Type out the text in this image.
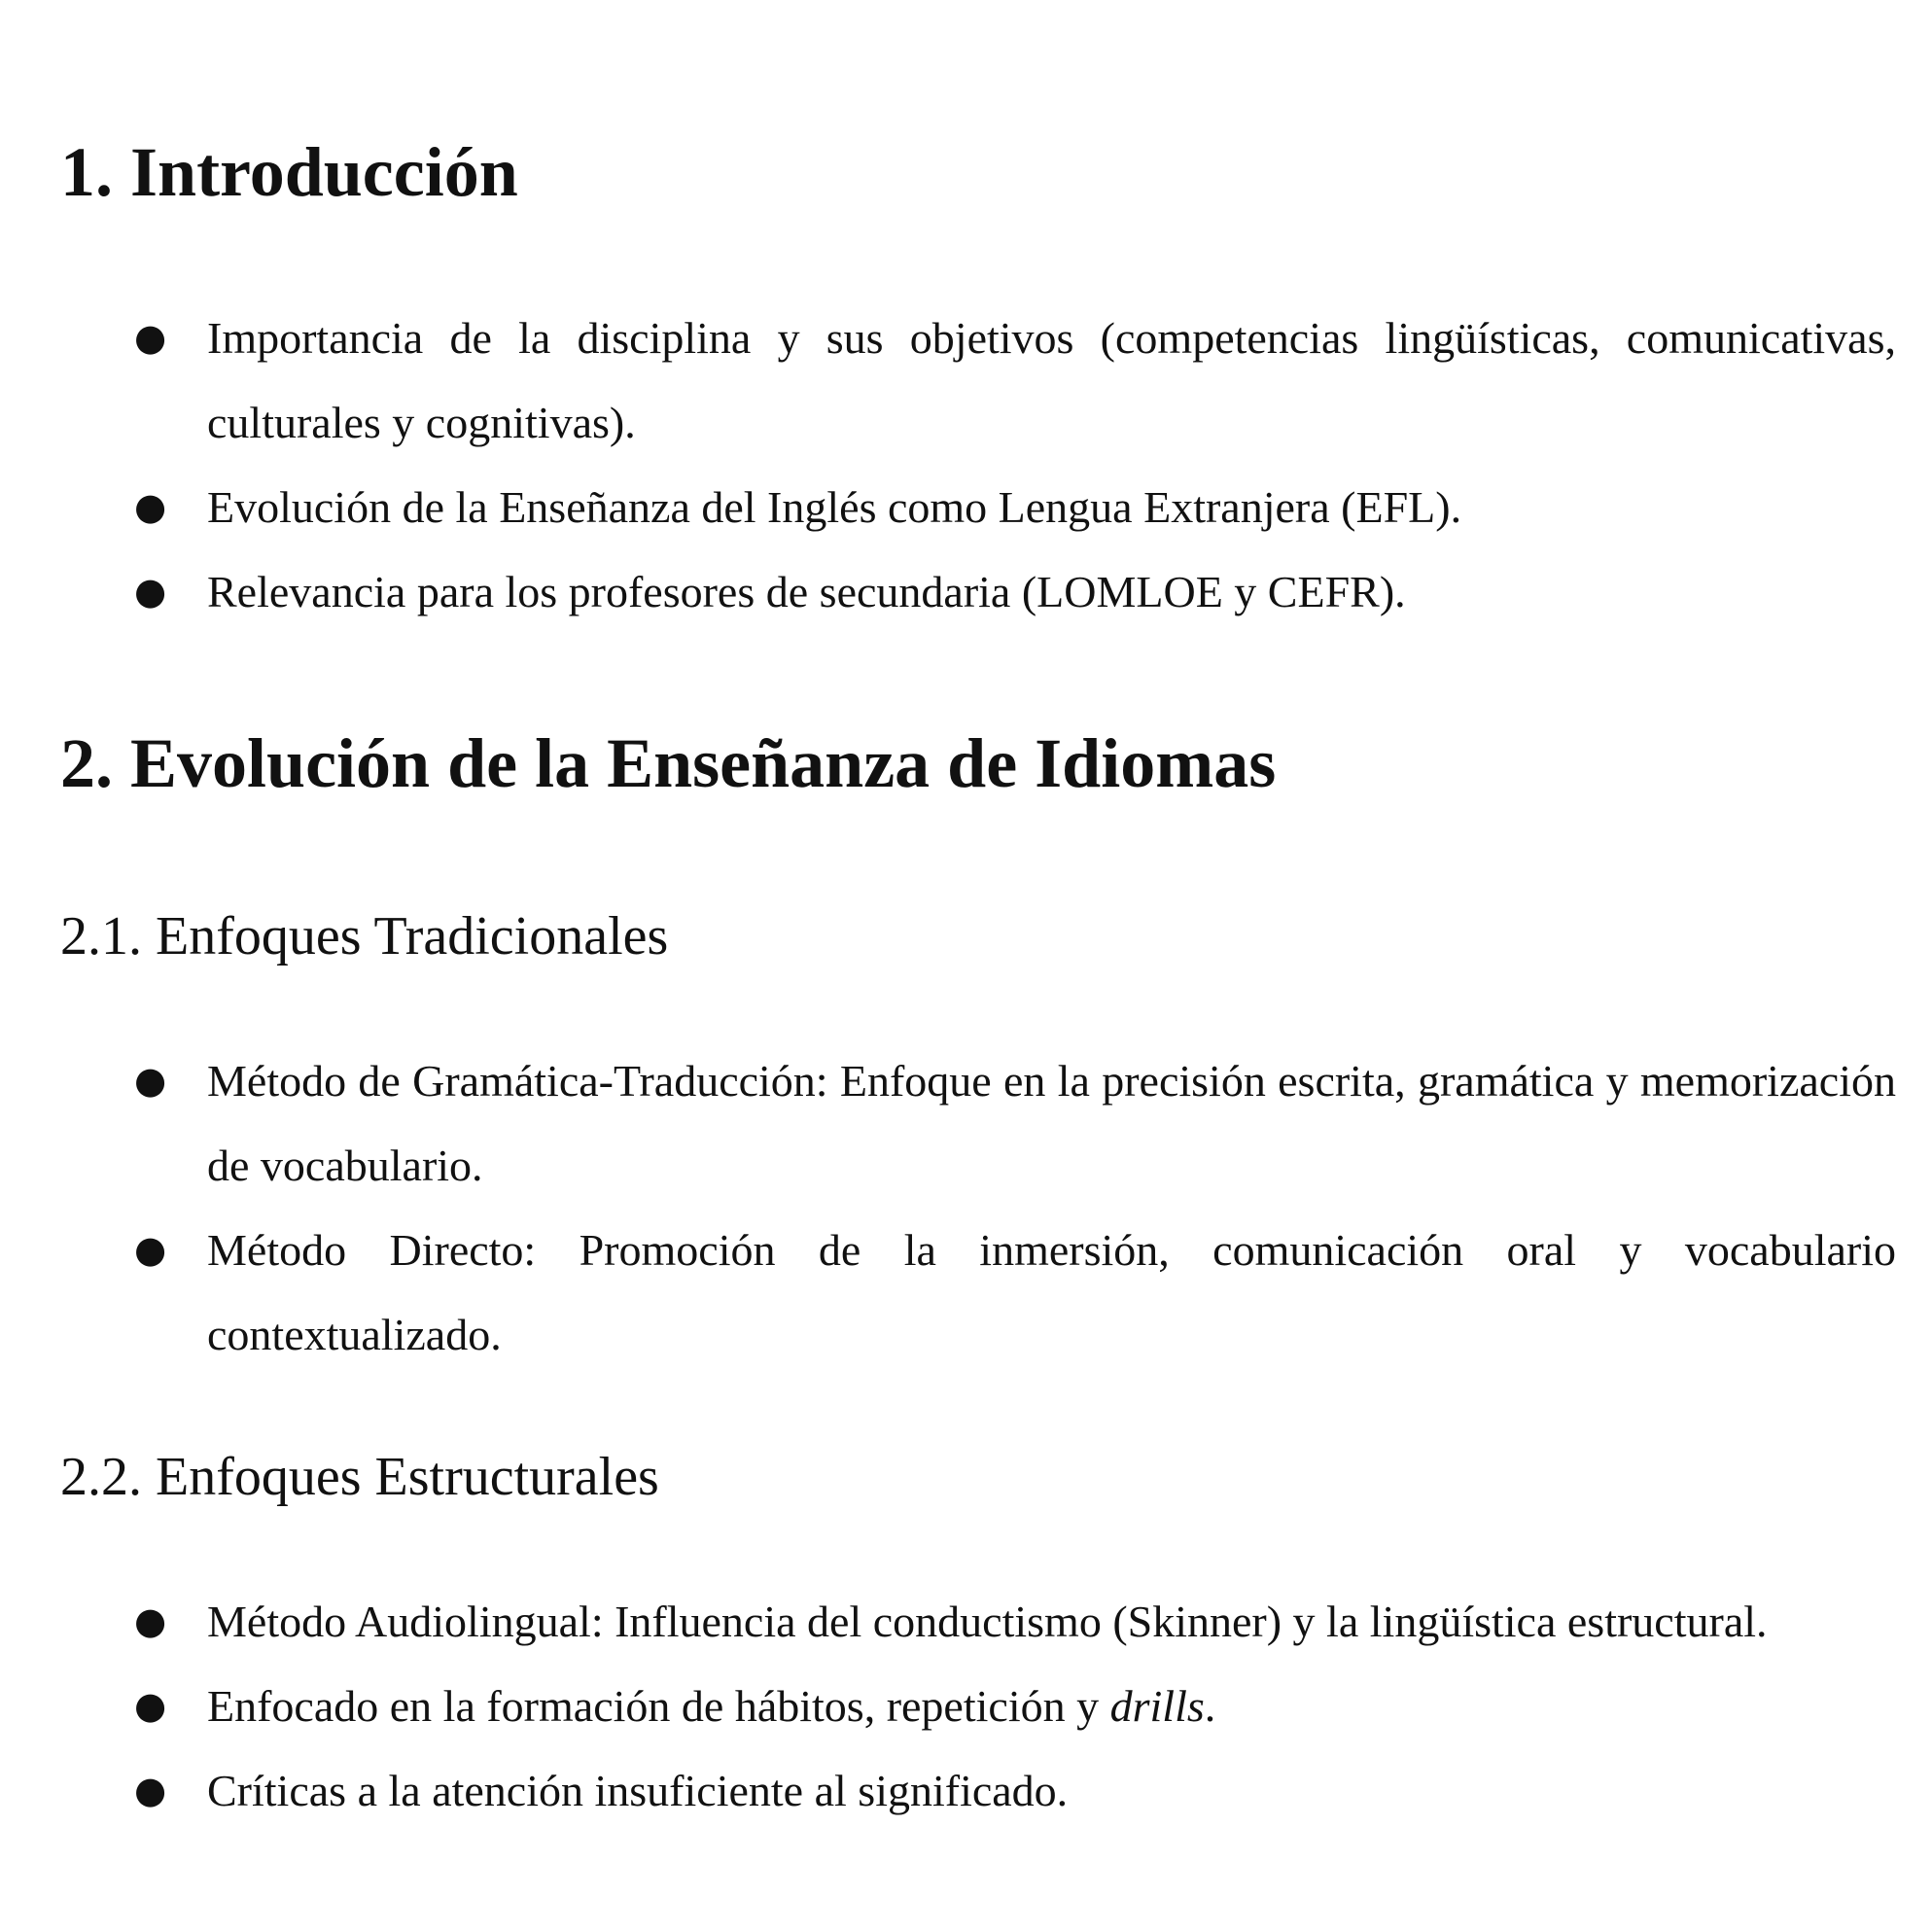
1. Introducción
● Importancia de la disciplina y sus objetivos (competencias lingüísticas, comunicativas, culturales y cognitivas).
● Evolución de la Enseñanza del Inglés como Lengua Extranjera (EFL).
● Relevancia para los profesores de secundaria (LOMLOE y CEFR).
2. Evolución de la Enseñanza de Idiomas
2.1. Enfoques Tradicionales
● Método de Gramática-Traducción: Enfoque en la precisión escrita, gramática y memorización de vocabulario.
● Método Directo: Promoción de la inmersión, comunicación oral y vocabulario contextualizado.
2.2. Enfoques Estructurales
● Método Audiolingual: Influencia del conductismo (Skinner) y la lingüística estructural.
● Enfocado en la formación de hábitos, repetición y drills.
● Críticas a la atención insuficiente al significado.
